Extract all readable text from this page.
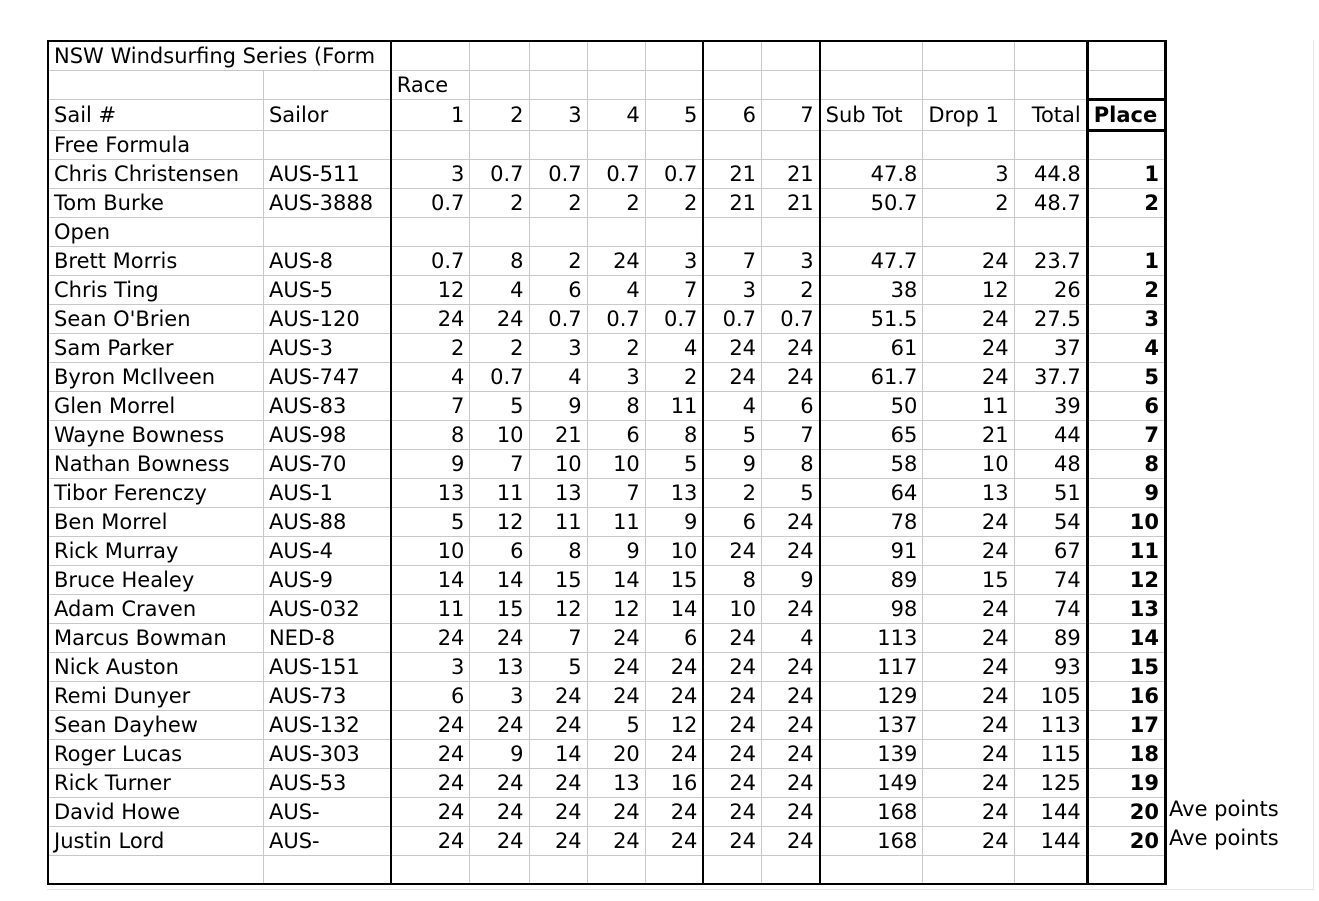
NSW Windsurfing Series (Form												
		Race										
Sail #	Sailor	1	2	3	4	5	6	7	Sub Tot	Drop 1	Total	Place
Free Formula												
Chris Christensen	AUS-511	3	0.7	0.7	0.7	0.7	21	21	47.8	3	44.8	1
Tom Burke	AUS-3888	0.7	2	2	2	2	21	21	50.7	2	48.7	2
Open												
Brett Morris	AUS-8	0.7	8	2	24	3	7	3	47.7	24	23.7	1
Chris Ting	AUS-5	12	4	6	4	7	3	2	38	12	26	2
Sean O'Brien	AUS-120	24	24	0.7	0.7	0.7	0.7	0.7	51.5	24	27.5	3
Sam Parker	AUS-3	2	2	3	2	4	24	24	61	24	37	4
Byron McIlveen	AUS-747	4	0.7	4	3	2	24	24	61.7	24	37.7	5
Glen Morrel	AUS-83	7	5	9	8	11	4	6	50	11	39	6
Wayne Bowness	AUS-98	8	10	21	6	8	5	7	65	21	44	7
Nathan Bowness	AUS-70	9	7	10	10	5	9	8	58	10	48	8
Tibor Ferenczy	AUS-1	13	11	13	7	13	2	5	64	13	51	9
Ben Morrel	AUS-88	5	12	11	11	9	6	24	78	24	54	10
Rick Murray	AUS-4	10	6	8	9	10	24	24	91	24	67	11
Bruce Healey	AUS-9	14	14	15	14	15	8	9	89	15	74	12
Adam Craven	AUS-032	11	15	12	12	14	10	24	98	24	74	13
Marcus Bowman	NED-8	24	24	7	24	6	24	4	113	24	89	14
Nick Auston	AUS-151	3	13	5	24	24	24	24	117	24	93	15
Remi Dunyer	AUS-73	6	3	24	24	24	24	24	129	24	105	16
Sean Dayhew	AUS-132	24	24	24	5	12	24	24	137	24	113	17
Roger Lucas	AUS-303	24	9	14	20	24	24	24	139	24	115	18
Rick Turner	AUS-53	24	24	24	13	16	24	24	149	24	125	19
David Howe	AUS-	24	24	24	24	24	24	24	168	24	144	20
Justin Lord	AUS-	24	24	24	24	24	24	24	168	24	144	20

Ave points
Ave points
